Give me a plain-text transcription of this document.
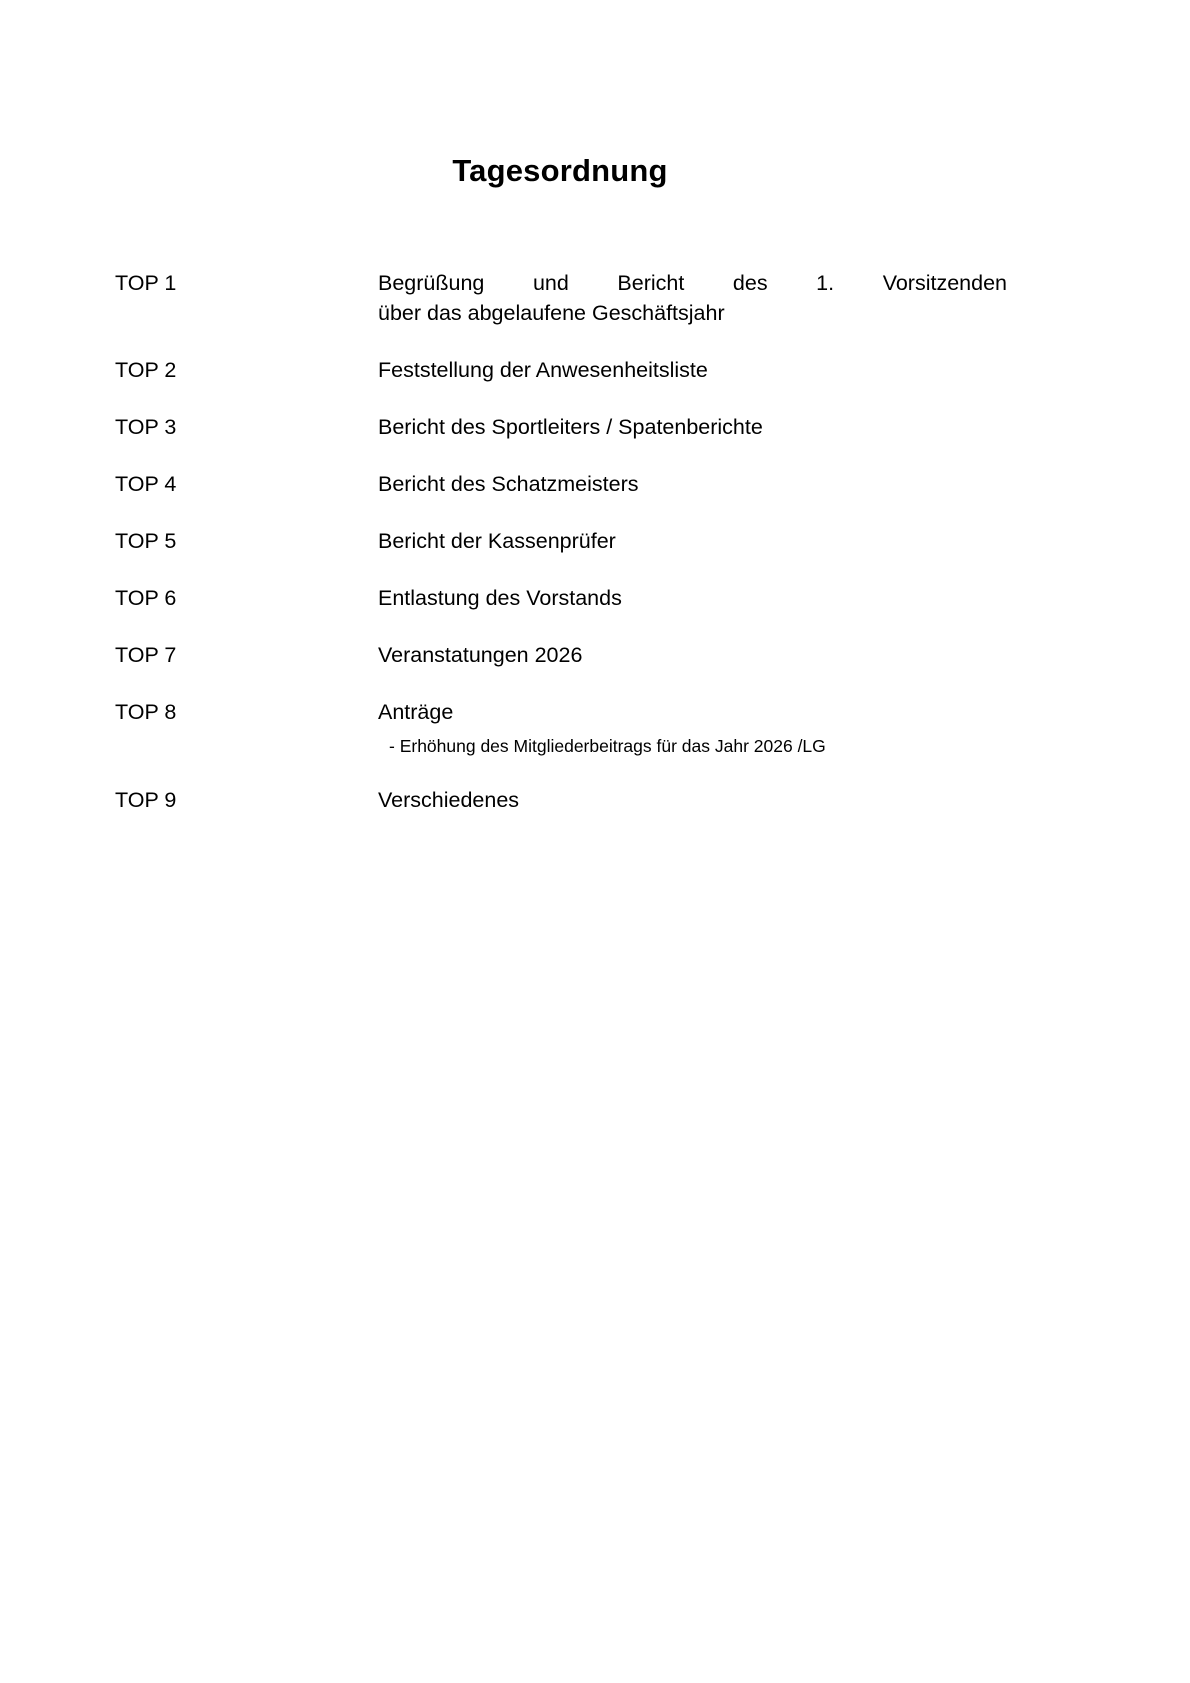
Tagesordnung
TOP 1	Begrüßung und Bericht des 1. Vorsitzenden
über das abgelaufene Geschäftsjahr
TOP 2	Feststellung der Anwesenheitsliste
TOP 3	Bericht des Sportleiters / Spatenberichte
TOP 4	Bericht des Schatzmeisters
TOP 5	Bericht der Kassenprüfer
TOP 6	Entlastung des Vorstands
TOP 7	Veranstatungen 2026
TOP 8	Anträge
- Erhöhung des Mitgliederbeitrags für das Jahr 2026 /LG
TOP 9	Verschiedenes
